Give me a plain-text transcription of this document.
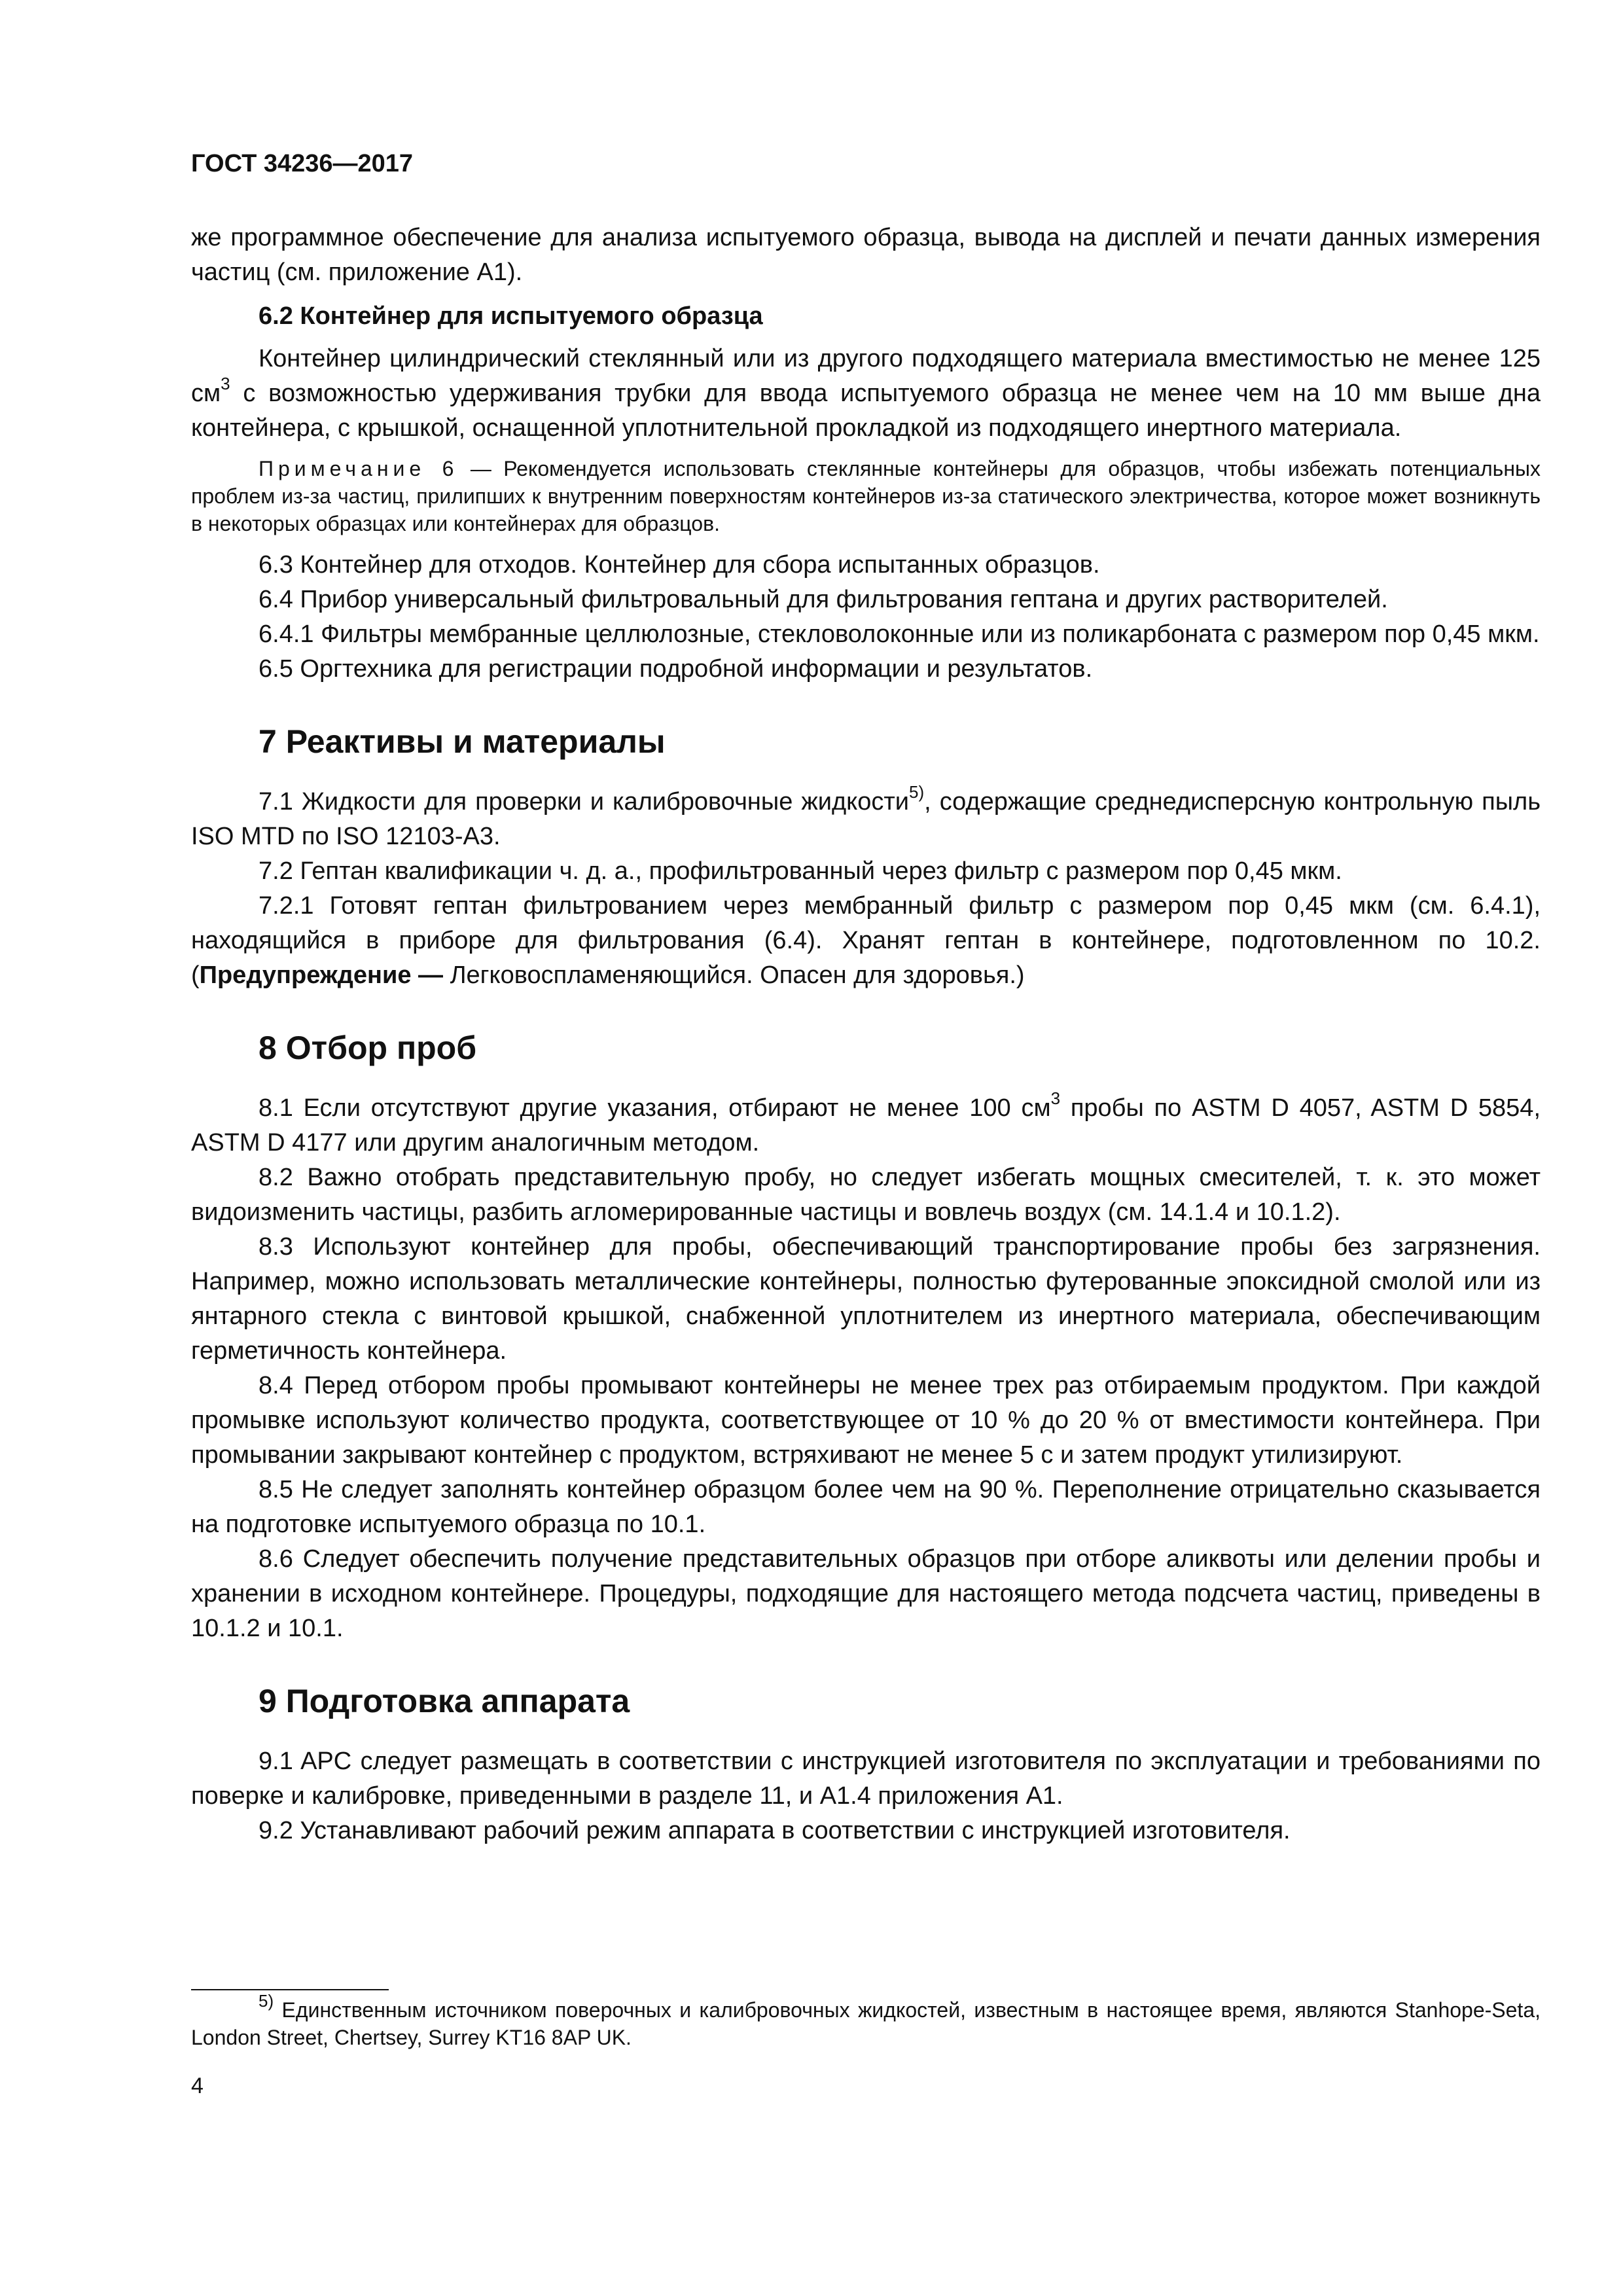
ГОСТ 34236—2017

же программное обеспечение для анализа испытуемого образца, вывода на дисплей и печати данных измерения частиц (см. приложение А1).

6.2 Контейнер для испытуемого образца

Контейнер цилиндрический стеклянный или из другого подходящего материала вместимостью не менее 125 $см^3$ с возможностью удерживания трубки для ввода испытуемого образца не менее чем на 10 мм выше дна контейнера, с крышкой, оснащенной уплотнительной прокладкой из подходящего инертного материала.

Примечание 6 — Рекомендуется использовать стеклянные контейнеры для образцов, чтобы избежать потенциальных проблем из-за частиц, прилипших к внутренним поверхностям контейнеров из-за статического электричества, которое может возникнуть в некоторых образцах или контейнерах для образцов.

6.3 Контейнер для отходов. Контейнер для сбора испытанных образцов.

6.4 Прибор универсальный фильтровальный для фильтрования гептана и других растворителей.

6.4.1 Фильтры мембранные целлюлозные, стекловолоконные или из поликарбоната с размером пор 0,45 мкм.

6.5 Оргтехника для регистрации подробной информации и результатов.

7 Реактивы и материалы

7.1 Жидкости для проверки и калибровочные жидкости$^{5)}$, содержащие среднедисперсную контрольную пыль ISO MTD по ISO 12103-A3.

7.2 Гептан квалификации ч. д. а., профильтрованный через фильтр с размером пор 0,45 мкм.

7.2.1 Готовят гептан фильтрованием через мембранный фильтр с размером пор 0,45 мкм (см. 6.4.1), находящийся в приборе для фильтрования (6.4). Хранят гептан в контейнере, подготовленном по 10.2. (Предупреждение — Легковоспламеняющийся. Опасен для здоровья.)

8 Отбор проб

8.1 Если отсутствуют другие указания, отбирают не менее 100 $см^3$ пробы по ASTM D 4057, ASTM D 5854, ASTM D 4177 или другим аналогичным методом.

8.2 Важно отобрать представительную пробу, но следует избегать мощных смесителей, т. к. это может видоизменить частицы, разбить агломерированные частицы и вовлечь воздух (см. 14.1.4 и 10.1.2).

8.3 Используют контейнер для пробы, обеспечивающий транспортирование пробы без загрязнения. Например, можно использовать металлические контейнеры, полностью футерованные эпоксидной смолой или из янтарного стекла с винтовой крышкой, снабженной уплотнителем из инертного материала, обеспечивающим герметичность контейнера.

8.4 Перед отбором пробы промывают контейнеры не менее трех раз отбираемым продуктом. При каждой промывке используют количество продукта, соответствующее от 10 % до 20 % от вместимости контейнера. При промывании закрывают контейнер с продуктом, встряхивают не менее 5 с и затем продукт утилизируют.

8.5 Не следует заполнять контейнер образцом более чем на 90 %. Переполнение отрицательно сказывается на подготовке испытуемого образца по 10.1.

8.6 Следует обеспечить получение представительных образцов при отборе аликвоты или делении пробы и хранении в исходном контейнере. Процедуры, подходящие для настоящего метода подсчета частиц, приведены в 10.1.2 и 10.1.

9 Подготовка аппарата

9.1 APC следует размещать в соответствии с инструкцией изготовителя по эксплуатации и требованиями по поверке и калибровке, приведенными в разделе 11, и А1.4 приложения А1.

9.2 Устанавливают рабочий режим аппарата в соответствии с инструкцией изготовителя.

$^{5)}$ Единственным источником поверочных и калибровочных жидкостей, известным в настоящее время, являются Stanhope-Seta, London Street, Chertsey, Surrey KT16 8AP UK.

4
